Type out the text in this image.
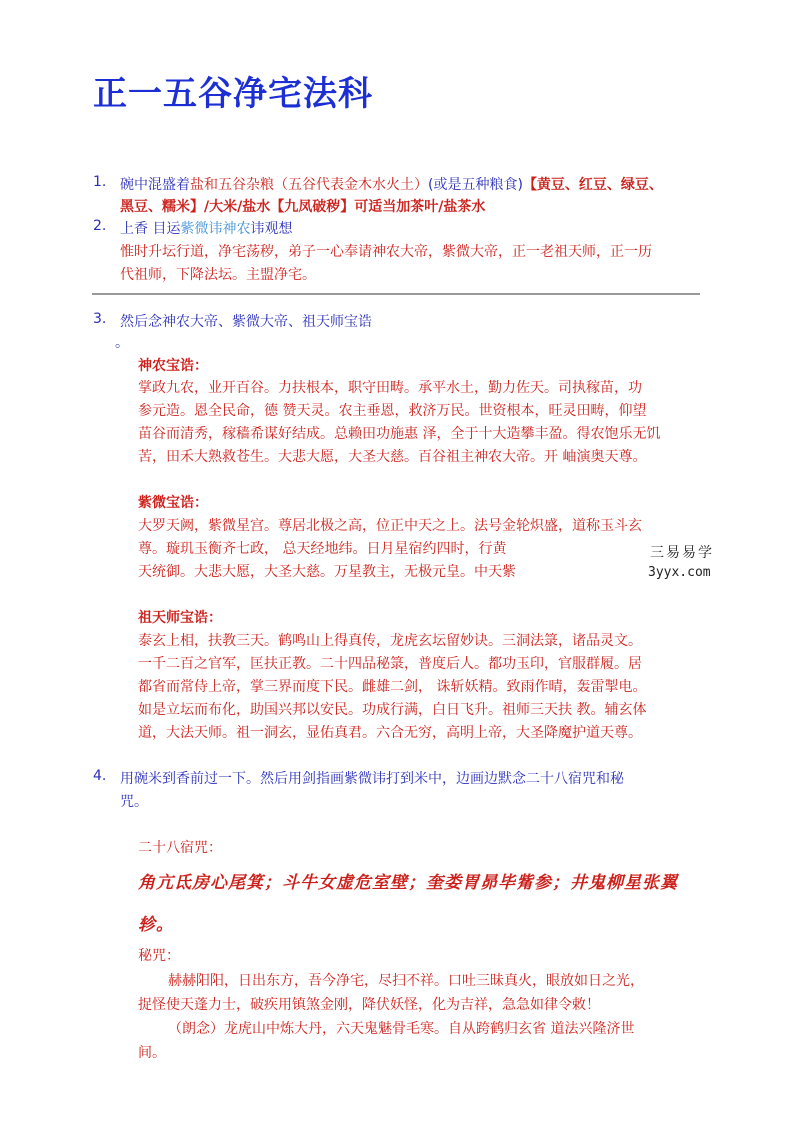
正一五谷净宅法科
1. 碗中混盛着盐和五谷杂粮（五谷代表金木水火土）(或是五种粮食)【黄豆、红豆、绿豆、
黑豆、糯米】/大米/盐水【九凤破秽】可适当加茶叶/盐茶水
2. 上香 目运紫微讳神农讳观想
惟时升坛行道，净宅荡秽，弟子一心奉请神农大帝，紫微大帝，正一老祖天师，正一历
代祖师，下降法坛。主盟净宅。
3. 然后念神农大帝、紫微大帝、祖天师宝诰
。
神农宝诰：
掌政九农，业开百谷。力扶根本，职守田畴。承平水土，勤力佐天。司执稼苗，功
参元造。恩全民命，德 赞天灵。农主垂恩，救济万民。世资根本，旺灵田畴，仰望
苗谷而清秀，稼穑希谋好结成。总赖田功施惠 泽，全于十大造攀丰盈。得农饱乐无饥
苦，田禾大熟救苍生。大悲大愿，大圣大慈。百谷祖主神农大帝。开 岫演奥天尊。
紫微宝诰：
大罗天阙，紫微星宫。尊居北极之高，位正中天之上。法号金轮炽盛，道称玉斗玄
尊。璇玑玉衡齐七政， 总天经地纬。日月星宿约四时，行黄
天统御。大悲大愿，大圣大慈。万星教主，无极元皇。中天紫
三易易学
3yyx.com
祖天师宝诰：
泰玄上相，扶教三天。鹤鸣山上得真传，龙虎玄坛留妙诀。三洞法箓，诸品灵文。
一千二百之官军，匡扶正教。二十四品秘箓，普度后人。都功玉印，官服群履。居
都省而常侍上帝，掌三界而度下民。雌雄二剑， 诛斩妖精。致雨作晴，轰雷掣电。
如是立坛而布化，助国兴邦以安民。功成行满，白日飞升。祖师三天扶 教。辅玄体
道，大法天师。祖一洞玄，显佑真君。六合无穷，高明上帝，大圣降魔护道天尊。
4. 用碗米到香前过一下。然后用剑指画紫微讳打到米中，边画边默念二十八宿咒和秘
咒。
二十八宿咒：
角亢氐房心尾箕；斗牛女虚危室壁；奎娄胃昴毕觜参；井鬼柳星张翼
轸。
秘咒：
赫赫阳阳，日出东方，吾今净宅，尽扫不祥。口吐三昧真火，眼放如日之光，
捉怪使天蓬力士，破疾用镇煞金刚，降伏妖怪，化为吉祥，急急如律令敕！
（朗念）龙虎山中炼大丹，六天鬼魅骨毛寒。自从跨鹤归玄省 道法兴隆济世
间。
